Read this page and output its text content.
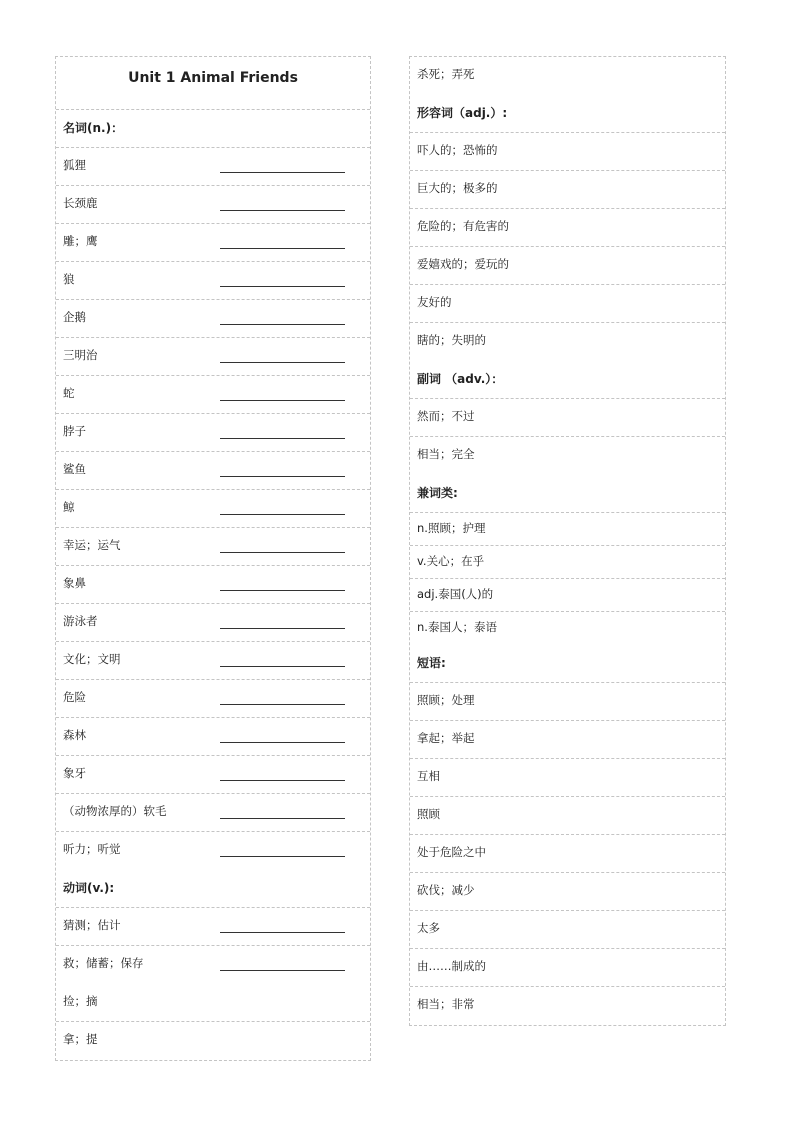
Unit 1 Animal Friends
名词(n.)：
狐狸
长颈鹿
雕；鹰
狼
企鹅
三明治
蛇
脖子
鲨鱼
鲸
幸运；运气
象鼻
游泳者
文化；文明
危险
森林
象牙
（动物浓厚的）软毛
听力；听觉
动词(v.):
猜测；估计
救；储蓄；保存
捡；摘
拿；提
杀死；弄死
形容词（adj.）:
吓人的；恐怖的
巨大的；极多的
危险的；有危害的
爱嬉戏的；爱玩的
友好的
瞎的；失明的
副词 （adv.）：
然而；不过
相当；完全
兼词类:
n.照顾；护理
v.关心；在乎
adj.泰国(人)的
n.泰国人；泰语
短语:
照顾；处理
拿起；举起
互相
照顾
处于危险之中
砍伐；减少
太多
由……制成的
相当；非常
